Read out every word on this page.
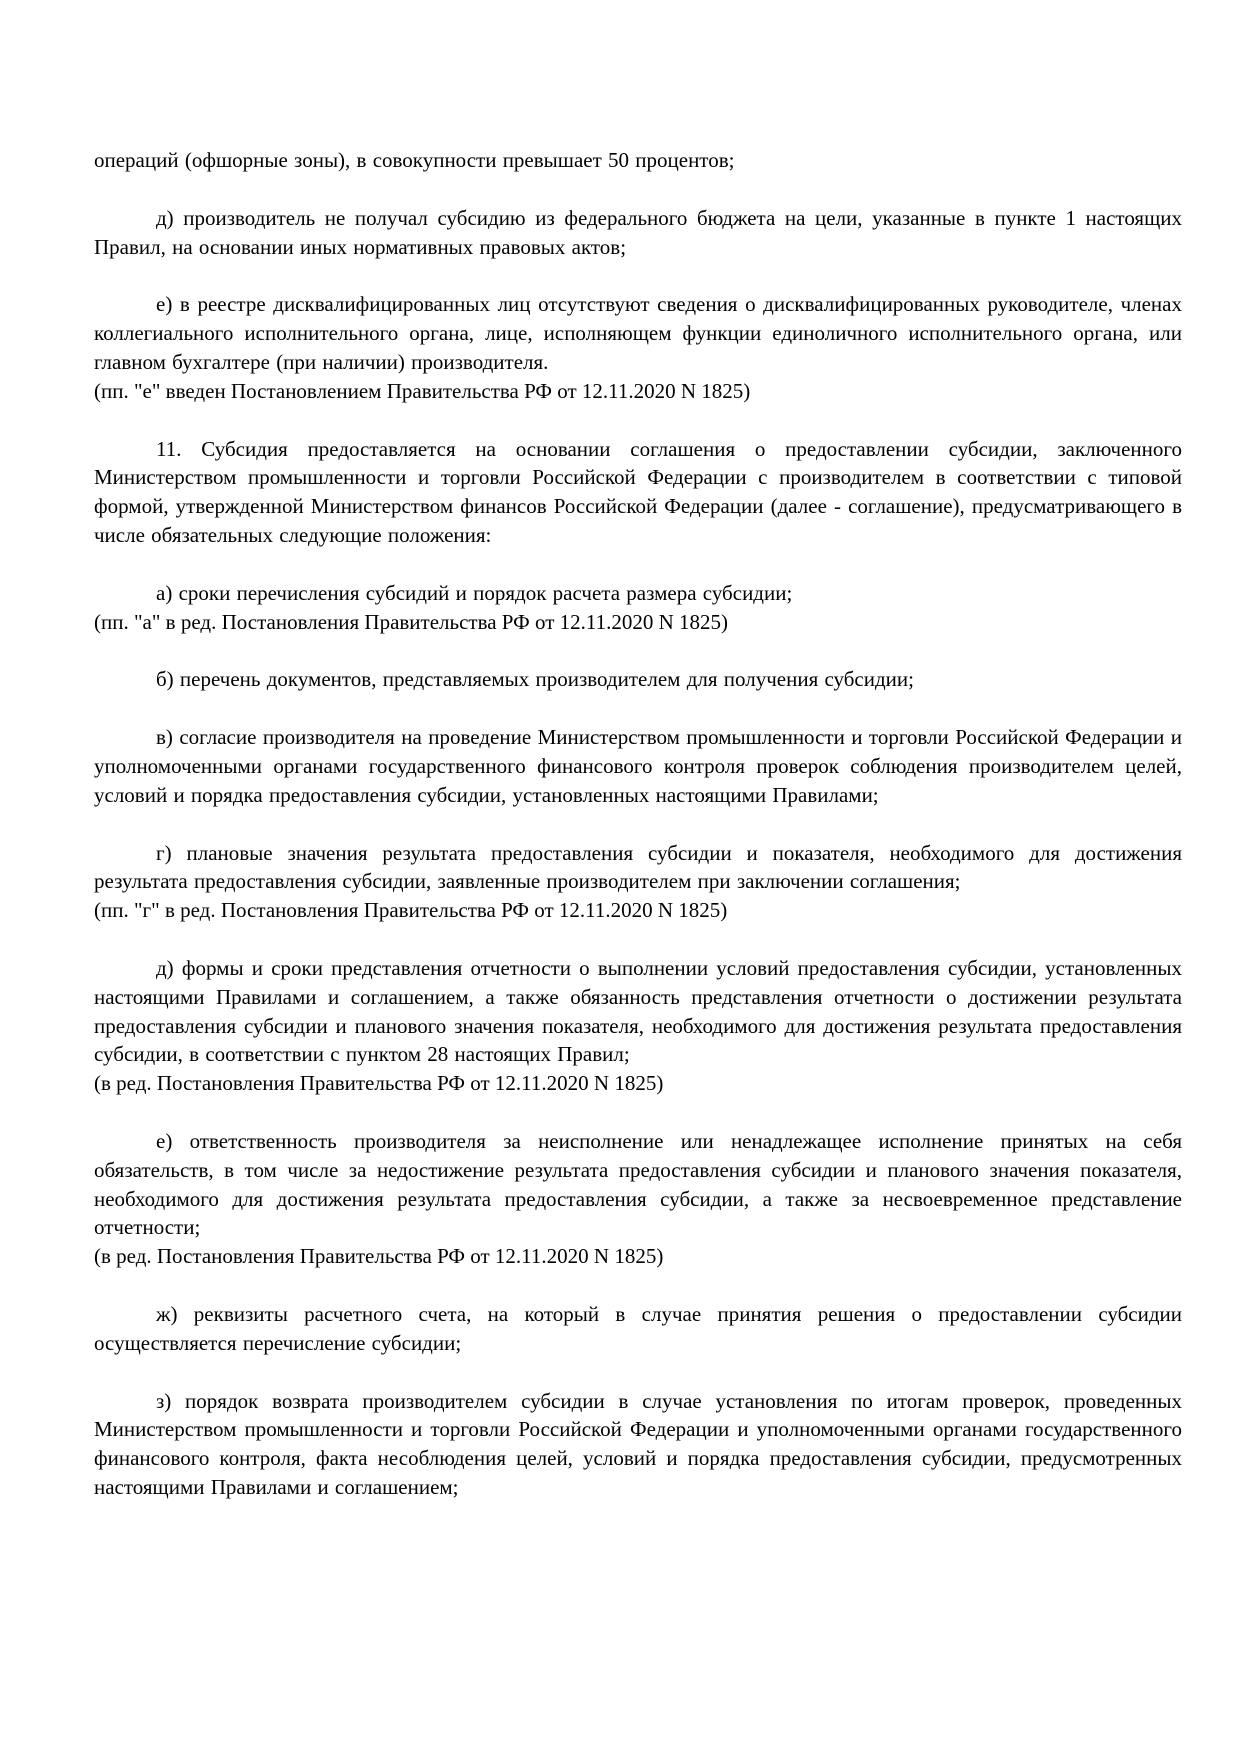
операций (офшорные зоны), в совокупности превышает 50 процентов;
д) производитель не получал субсидию из федерального бюджета на цели, указанные в пункте 1 настоящих Правил, на основании иных нормативных правовых актов;
е) в реестре дисквалифицированных лиц отсутствуют сведения о дисквалифицированных руководителе, членах коллегиального исполнительного органа, лице, исполняющем функции единоличного исполнительного органа, или главном бухгалтере (при наличии) производителя.
(пп. "е" введен Постановлением Правительства РФ от 12.11.2020 N 1825)
11. Субсидия предоставляется на основании соглашения о предоставлении субсидии, заключенного Министерством промышленности и торговли Российской Федерации с производителем в соответствии с типовой формой, утвержденной Министерством финансов Российской Федерации (далее - соглашение), предусматривающего в числе обязательных следующие положения:
а) сроки перечисления субсидий и порядок расчета размера субсидии;
(пп. "а" в ред. Постановления Правительства РФ от 12.11.2020 N 1825)
б) перечень документов, представляемых производителем для получения субсидии;
в) согласие производителя на проведение Министерством промышленности и торговли Российской Федерации и уполномоченными органами государственного финансового контроля проверок соблюдения производителем целей, условий и порядка предоставления субсидии, установленных настоящими Правилами;
г) плановые значения результата предоставления субсидии и показателя, необходимого для достижения результата предоставления субсидии, заявленные производителем при заключении соглашения;
(пп. "г" в ред. Постановления Правительства РФ от 12.11.2020 N 1825)
д) формы и сроки представления отчетности о выполнении условий предоставления субсидии, установленных настоящими Правилами и соглашением, а также обязанность представления отчетности о достижении результата предоставления субсидии и планового значения показателя, необходимого для достижения результата предоставления субсидии, в соответствии с пунктом 28 настоящих Правил;
(в ред. Постановления Правительства РФ от 12.11.2020 N 1825)
е) ответственность производителя за неисполнение или ненадлежащее исполнение принятых на себя обязательств, в том числе за недостижение результата предоставления субсидии и планового значения показателя, необходимого для достижения результата предоставления субсидии, а также за несвоевременное представление отчетности;
(в ред. Постановления Правительства РФ от 12.11.2020 N 1825)
ж) реквизиты расчетного счета, на который в случае принятия решения о предоставлении субсидии осуществляется перечисление субсидии;
з) порядок возврата производителем субсидии в случае установления по итогам проверок, проведенных Министерством промышленности и торговли Российской Федерации и уполномоченными органами государственного финансового контроля, факта несоблюдения целей, условий и порядка предоставления субсидии, предусмотренных настоящими Правилами и соглашением;
